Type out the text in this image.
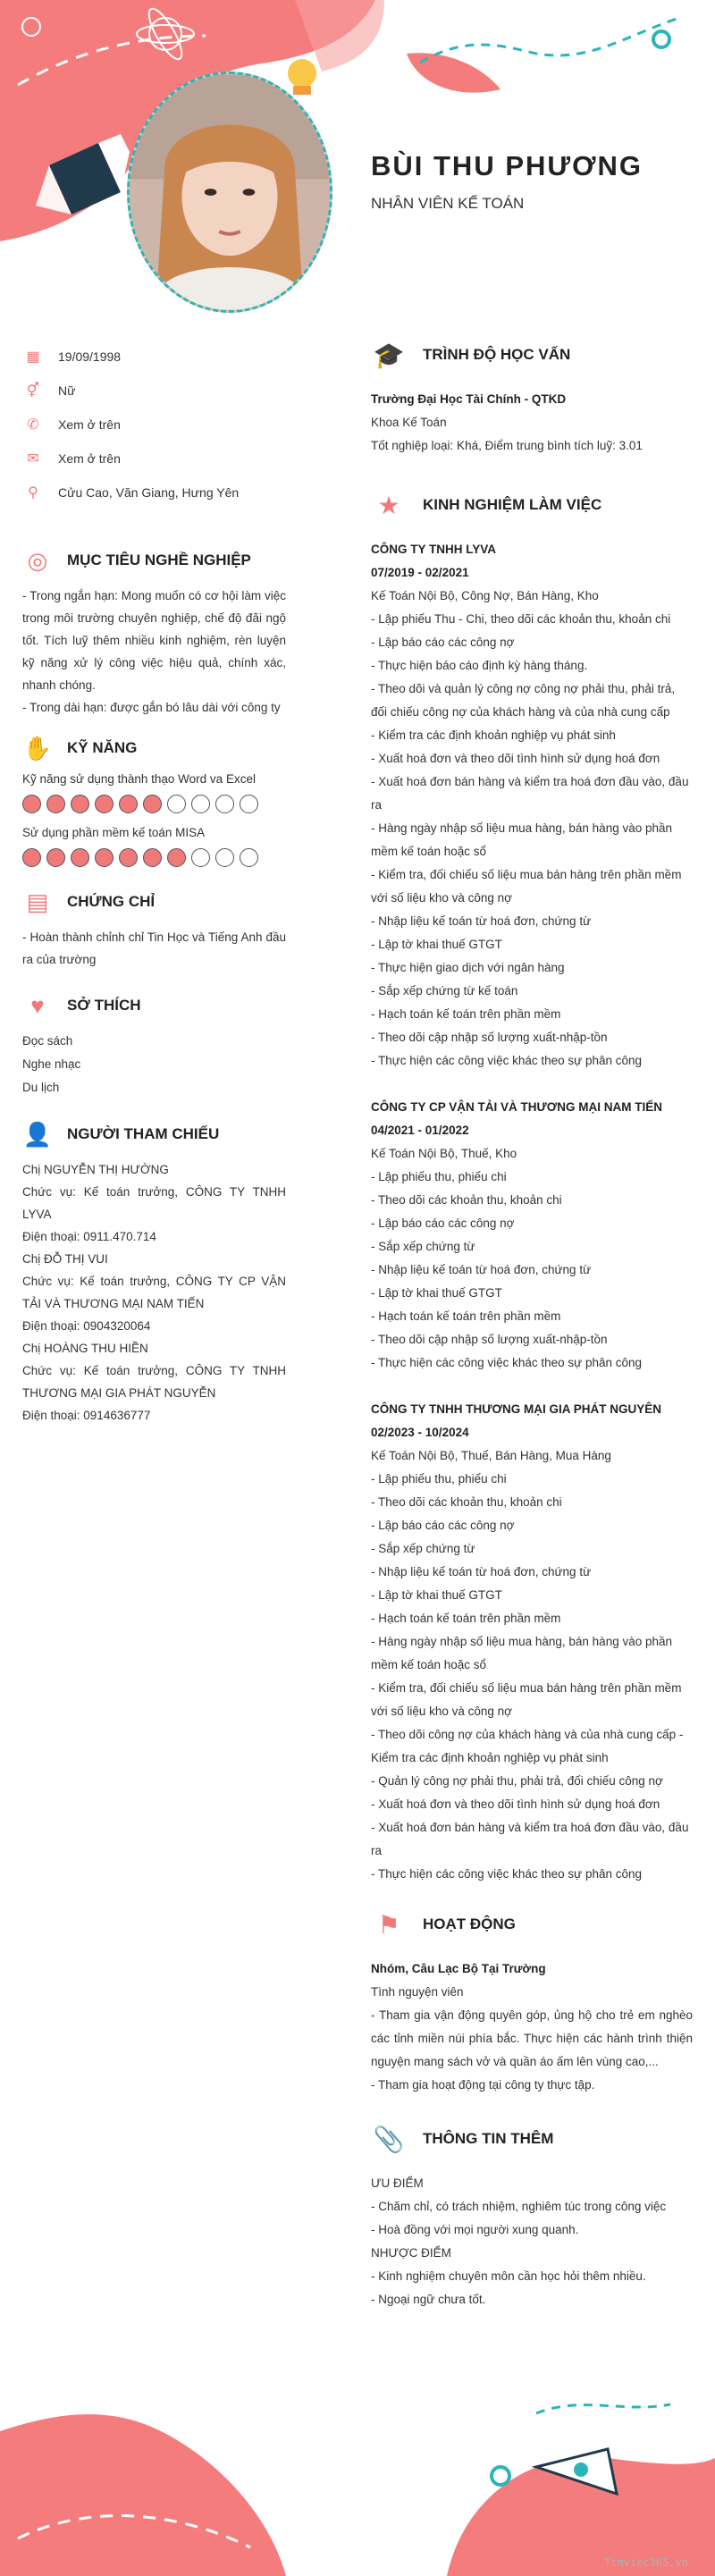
BÙI THU PHƯƠNG
NHÂN VIÊN KẾ TOÁN
▦	19/09/1998
⚥	Nữ
✆	Xem ở trên
✉	Xem ở trên
⚲	Cửu Cao, Văn Giang, Hưng Yên
◎	MỤC TIÊU NGHỀ NGHIỆP
- Trong ngắn hạn: Mong muốn có cơ hội làm việc trong môi trường chuyên nghiệp, chế độ đãi ngộ tốt. Tích luỹ thêm nhiều kinh nghiệm, rèn luyện kỹ năng xử lý công việc hiệu quả, chính xác, nhanh chóng.
- Trong dài hạn: được gắn bó lâu dài với công ty
✋ KỸ NĂNG
Kỹ năng sử dụng thành thạo Word va Excel
Sử dụng phần mềm kế toán MISA
▤ CHỨNG CHỈ
- Hoàn thành chỉnh chỉ Tin Học và Tiếng Anh đầu ra của trường
♥	SỞ THÍCH
Đọc sách
Nghe nhạc
Du lịch
👤 NGƯỜI THAM CHIẾU
Chị NGUYỄN THỊ HƯỜNG
Chức vụ: Kế toán trưởng, CÔNG TY TNHH LYVA
Điện thoại: 0911.470.714
Chị ĐỖ THỊ VUI
Chức vụ: Kế toán trưởng, CÔNG TY CP VẬN TẢI VÀ THƯƠNG MẠI NAM TIẾN
Điện thoại: 0904320064
Chị HOÀNG THU HIỀN
Chức vụ: Kế toán trưởng, CÔNG TY TNHH THƯƠNG MẠI GIA PHÁT NGUYỄN
Điện thoại: 0914636777
🎓 TRÌNH ĐỘ HỌC VẤN
Trường Đại Học Tài Chính - QTKD
Khoa Kế Toán
Tốt nghiệp loại: Khá, Điểm trung bình tích luỹ: 3.01
★	KINH NGHIỆM LÀM VIỆC
CÔNG TY TNHH LYVA
07/2019 - 02/2021
Kế Toán Nội Bộ, Công Nợ, Bán Hàng, Kho
- Lập phiếu Thu - Chi, theo dõi các khoản thu, khoản chi
- Lập báo cáo các công nợ
- Thực hiện báo cáo định kỳ hàng tháng.
- Theo dõi và quản lý công nợ công nợ phải thu, phải trả, đối chiếu công nợ của khách hàng và của nhà cung cấp
- Kiểm tra các định khoản nghiệp vụ phát sinh
- Xuất hoá đơn và theo dõi tình hình sử dụng hoá đơn
- Xuất hoá đơn bán hàng và kiểm tra hoá đơn đầu vào, đầu ra
- Hàng ngày nhập số liệu mua hàng, bán hàng vào phần mềm kế toán hoặc sổ
- Kiểm tra, đối chiếu số liệu mua bán hàng trên phần mềm với số liệu kho và công nợ
- Nhập liệu kế toán từ hoá đơn, chứng từ
- Lập tờ khai thuế GTGT
- Thực hiện giao dịch với ngân hàng
- Sắp xếp chứng từ kế toán
- Hạch toán kế toán trên phần mềm
- Theo dõi cập nhập số lượng xuất-nhập-tồn
- Thực hiện các công việc khác theo sự phân công
CÔNG TY CP VẬN TẢI VÀ THƯƠNG MẠI NAM TIẾN
04/2021 - 01/2022
Kế Toán Nội Bộ, Thuế, Kho
- Lập phiếu thu, phiếu chi
- Theo dõi các khoản thu, khoản chi
- Lập báo cáo các công nợ
- Sắp xếp chứng từ
- Nhập liệu kế toán từ hoá đơn, chứng từ
- Lập tờ khai thuế GTGT
- Hạch toán kế toán trên phần mềm
- Theo dõi cập nhập số lượng xuất-nhập-tồn
- Thực hiện các công việc khác theo sự phân công
CÔNG TY TNHH THƯƠNG MẠI GIA PHÁT NGUYÊN
02/2023 - 10/2024
Kế Toán Nội Bộ, Thuế, Bán Hàng, Mua Hàng
- Lập phiếu thu, phiếu chi
- Theo dõi các khoản thu, khoản chi
- Lập báo cáo các công nợ
- Sắp xếp chứng từ
- Nhập liệu kế toán từ hoá đơn, chứng từ
- Lập tờ khai thuế GTGT
- Hạch toán kế toán trên phần mềm
- Hàng ngày nhập số liệu mua hàng, bán hàng vào phần mềm kế toán hoặc sổ
- Kiểm tra, đối chiếu số liệu mua bán hàng trên phần mềm với số liệu kho và công nợ
- Theo dõi công nợ của khách hàng và của nhà cung cấp - Kiểm tra các định khoản nghiệp vụ phát sinh
- Quản lý công nợ phải thu, phải trả, đối chiếu công nợ
- Xuất hoá đơn và theo dõi tình hình sử dụng hoá đơn
- Xuất hoá đơn bán hàng và kiểm tra hoá đơn đầu vào, đầu ra
- Thực hiện các công việc khác theo sự phân công
⚑	HOẠT ĐỘNG
Nhóm, Câu Lạc Bộ Tại Trường
Tình nguyện viên
- Tham gia vận động quyên góp, ủng hộ cho trẻ em nghèo các tỉnh miền núi phía bắc. Thực hiện các hành trình thiện nguyện mang sách vở và quần áo ấm lên vùng cao,...
- Tham gia hoạt động tại công ty thực tập.
📎 THÔNG TIN THÊM
ƯU ĐIỂM
- Chăm chỉ, có trách nhiệm, nghiêm túc trong công việc
- Hoà đồng với mọi người xung quanh.
NHƯỢC ĐIỂM
- Kinh nghiệm chuyên môn cần học hỏi thêm nhiều.
- Ngoại ngữ chưa tốt.
Timviec365.vn
